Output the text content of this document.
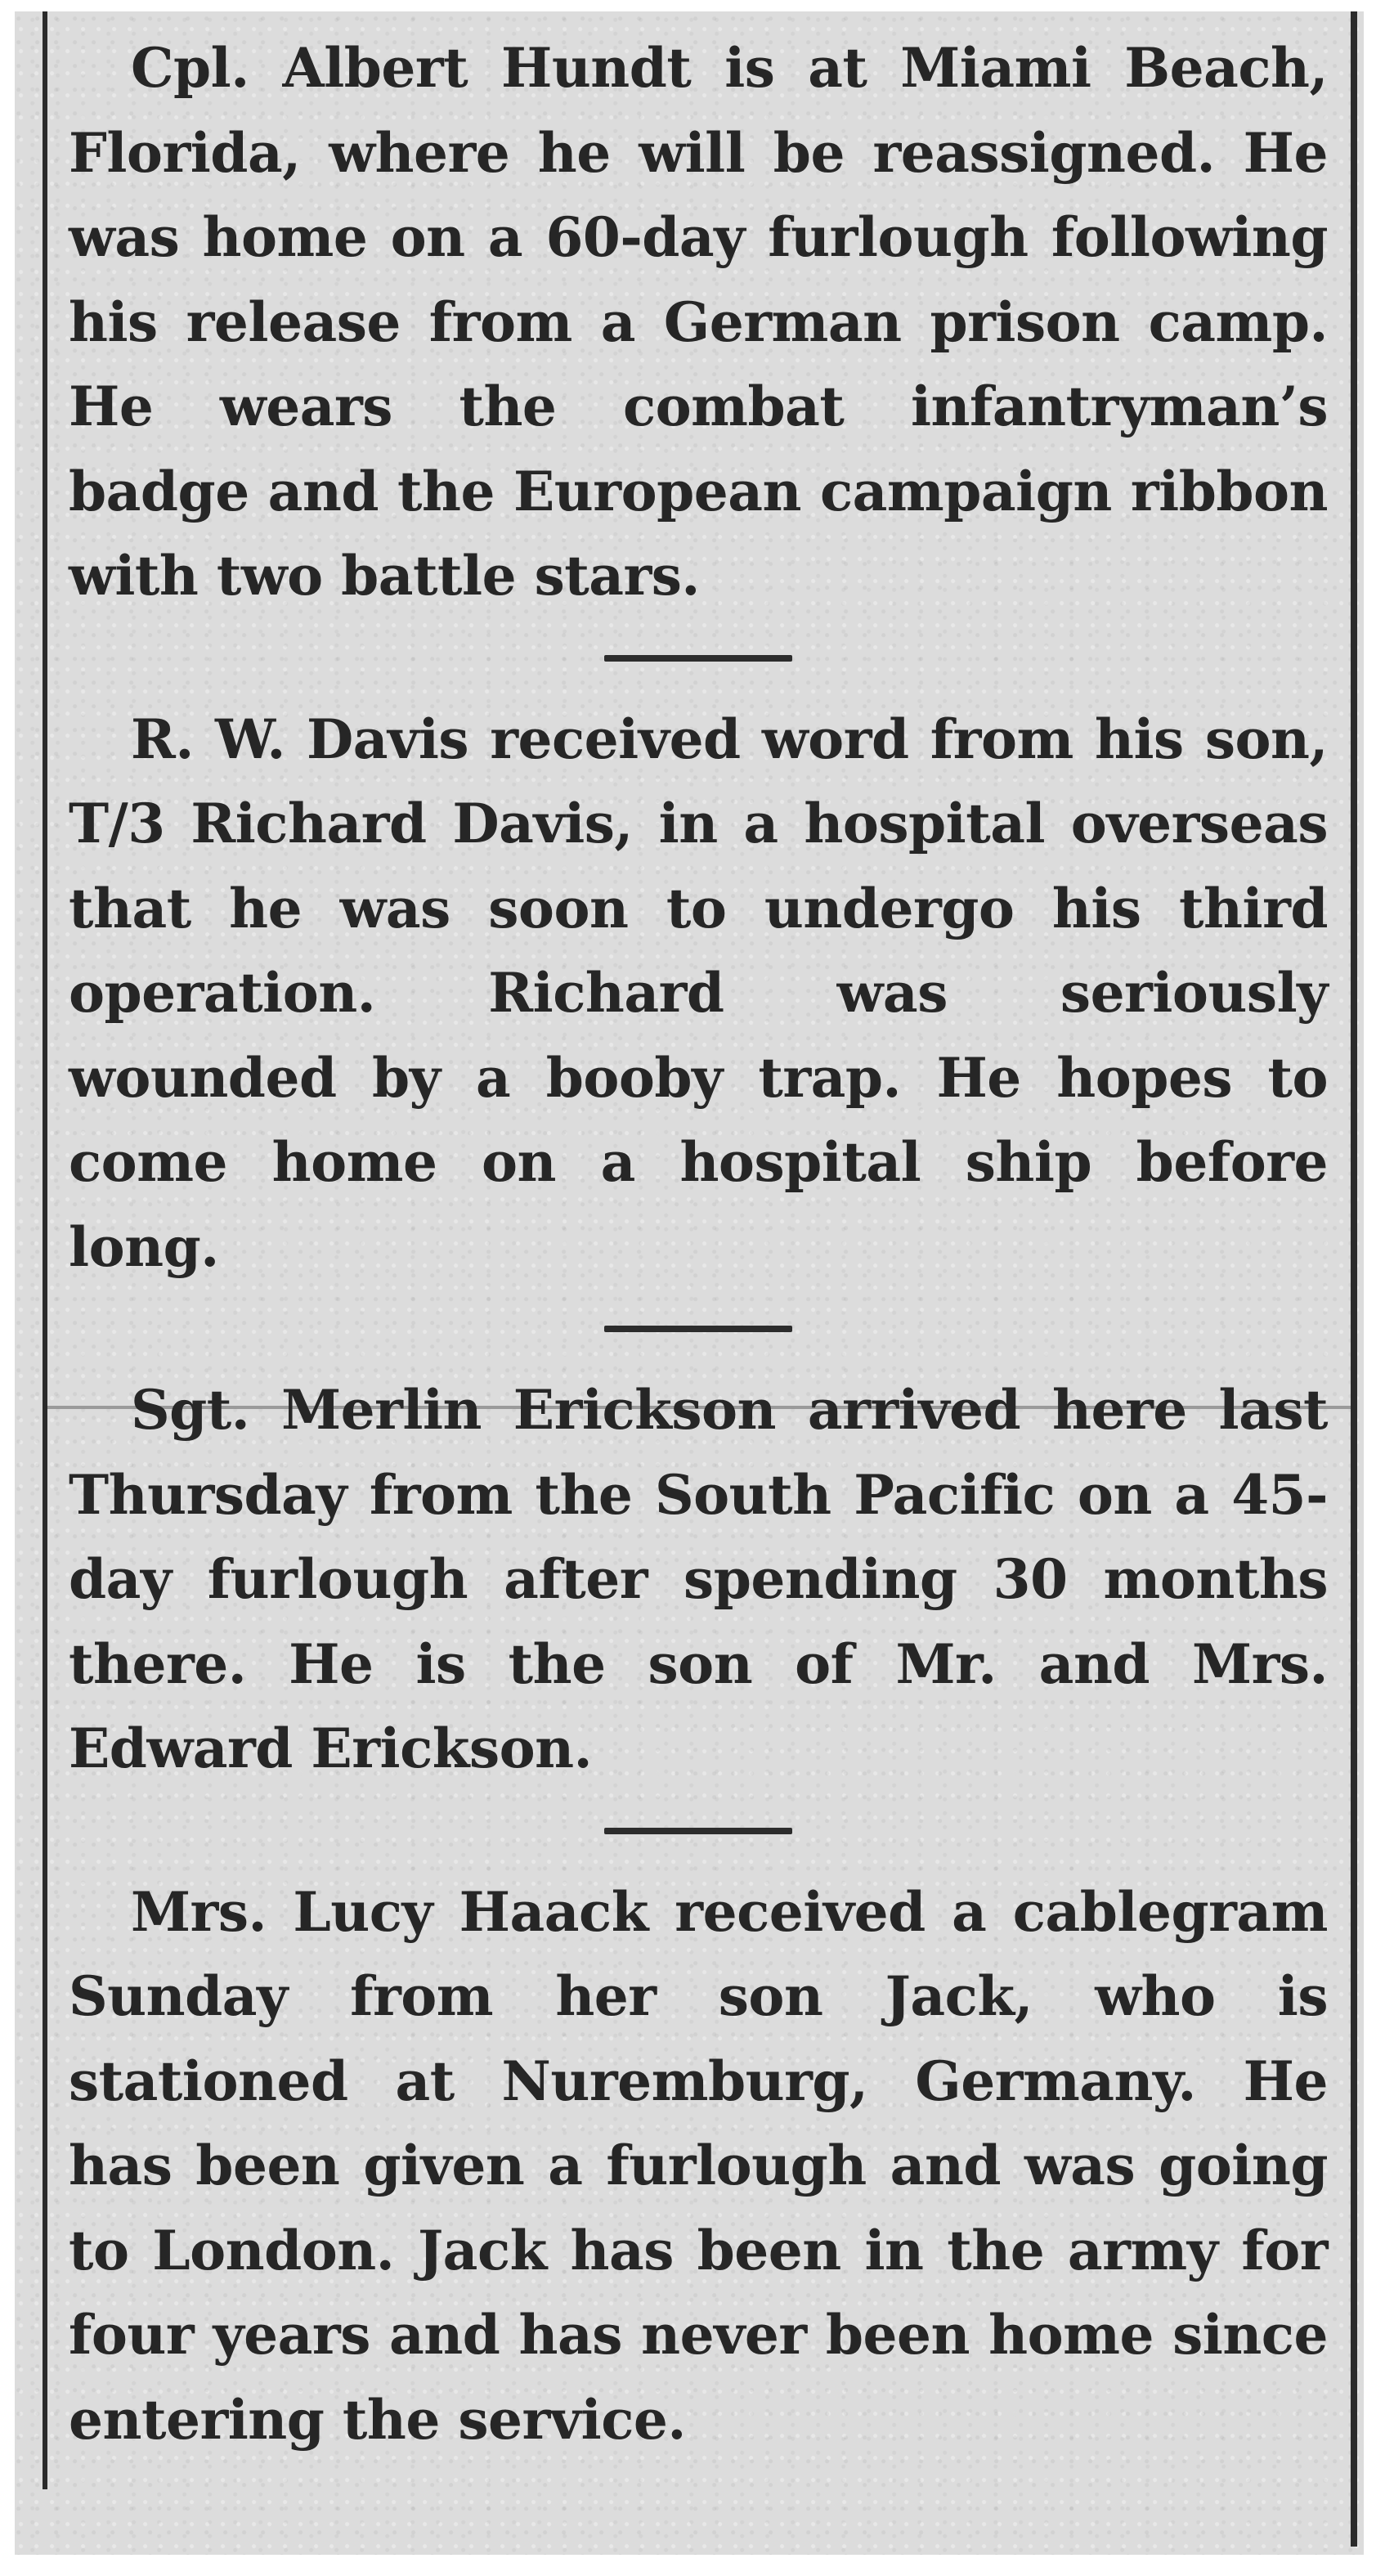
Cpl. Albert Hundt is at Miami Beach, Florida, where he will be reassigned. He was home on a 60-day furlough following his release from a German prison camp. He wears the combat infantryman’s badge and the European campaign ribbon with two battle stars.

R. W. Davis received word from his son, T/3 Richard Davis, in a hospital overseas that he was soon to undergo his third operation. Richard was seriously wounded by a booby trap. He hopes to come home on a hospital ship before long.

Sgt. Merlin Erickson arrived here last Thursday from the South Pacific on a 45-day furlough after spending 30 months there. He is the son of Mr. and Mrs. Edward Erickson.

Mrs. Lucy Haack received a cablegram Sunday from her son Jack, who is stationed at Nuremburg, Germany. He has been given a furlough and was going to London. Jack has been in the army for four years and has never been home since entering the service.
